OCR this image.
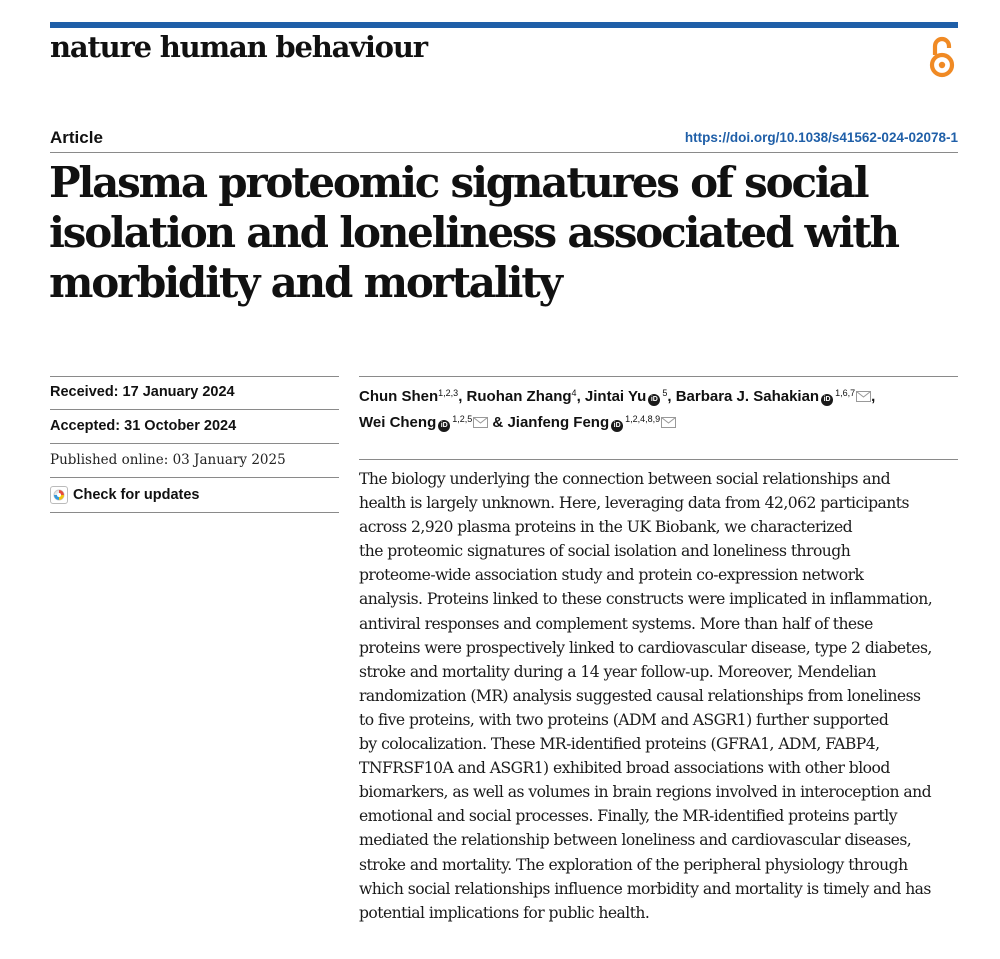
nature human behaviour
Article	https://doi.org/10.1038/s41562-024-02078-1
Plasma proteomic signatures of social
isolation and loneliness associated with
morbidity and mortality
Received: 17 January 2024
Accepted: 31 October 2024
Published online: 03 January 2025
Check for updates
Chun Shen$^{1,2,3}$, Ruohan Zhang$^4$, Jintai Yu $iD^5$, Barbara J. Sahakian iD$^{1,6,7}$ ,
Wei Cheng iD$^{1,2,5}$ & Jianfeng Feng iD$^{1,2,4,8,9}$
The biology underlying the connection between social relationships and
health is largely unknown. Here, leveraging data from 42,062 participants
across 2,920 plasma proteins in the UK Biobank, we characterized
the proteomic signatures of social isolation and loneliness through
proteome-wide association study and protein co-expression network
analysis. Proteins linked to these constructs were implicated in inflammation,
antiviral responses and complement systems. More than half of these
proteins were prospectively linked to cardiovascular disease, type 2 diabetes,
stroke and mortality during a 14 year follow-up. Moreover, Mendelian
randomization (MR) analysis suggested causal relationships from loneliness
to five proteins, with two proteins (ADM and ASGR1) further supported
by colocalization. These MR-identified proteins (GFRA1, ADM, FABP4,
TNFRSF10A and ASGR1) exhibited broad associations with other blood
biomarkers, as well as volumes in brain regions involved in interoception and
emotional and social processes. Finally, the MR-identified proteins partly
mediated the relationship between loneliness and cardiovascular diseases,
stroke and mortality. The exploration of the peripheral physiology through
which social relationships influence morbidity and mortality is timely and has
potential implications for public health.
